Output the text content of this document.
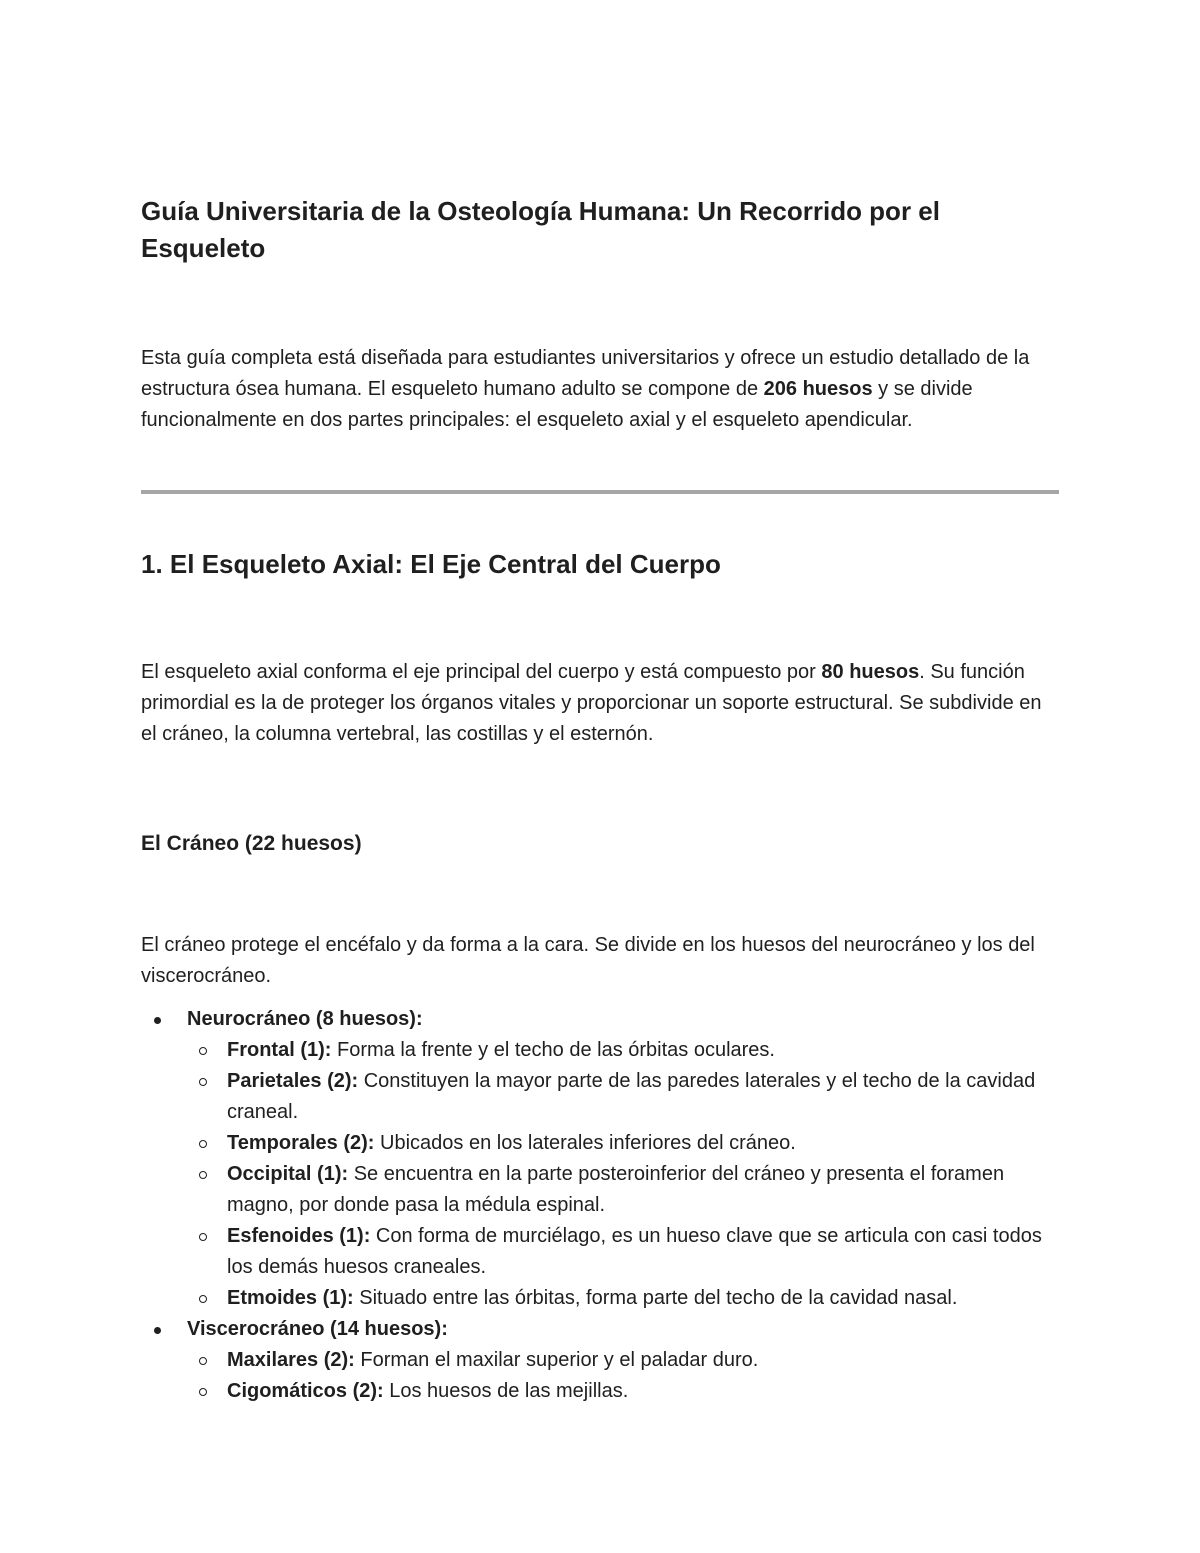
Guía Universitaria de la Osteología Humana: Un Recorrido por el Esqueleto

Esta guía completa está diseñada para estudiantes universitarios y ofrece un estudio detallado de la estructura ósea humana. El esqueleto humano adulto se compone de 206 huesos y se divide funcionalmente en dos partes principales: el esqueleto axial y el esqueleto apendicular.

1. El Esqueleto Axial: El Eje Central del Cuerpo

El esqueleto axial conforma el eje principal del cuerpo y está compuesto por 80 huesos. Su función primordial es la de proteger los órganos vitales y proporcionar un soporte estructural. Se subdivide en el cráneo, la columna vertebral, las costillas y el esternón.

El Cráneo (22 huesos)

El cráneo protege el encéfalo y da forma a la cara. Se divide en los huesos del neurocráneo y los del viscerocráneo.

Neurocráneo (8 huesos):
Frontal (1): Forma la frente y el techo de las órbitas oculares.
Parietales (2): Constituyen la mayor parte de las paredes laterales y el techo de la cavidad craneal.
Temporales (2): Ubicados en los laterales inferiores del cráneo.
Occipital (1): Se encuentra en la parte posteroinferior del cráneo y presenta el foramen magno, por donde pasa la médula espinal.
Esfenoides (1): Con forma de murciélago, es un hueso clave que se articula con casi todos los demás huesos craneales.
Etmoides (1): Situado entre las órbitas, forma parte del techo de la cavidad nasal.
Viscerocráneo (14 huesos):
Maxilares (2): Forman el maxilar superior y el paladar duro.
Cigomáticos (2): Los huesos de las mejillas.
